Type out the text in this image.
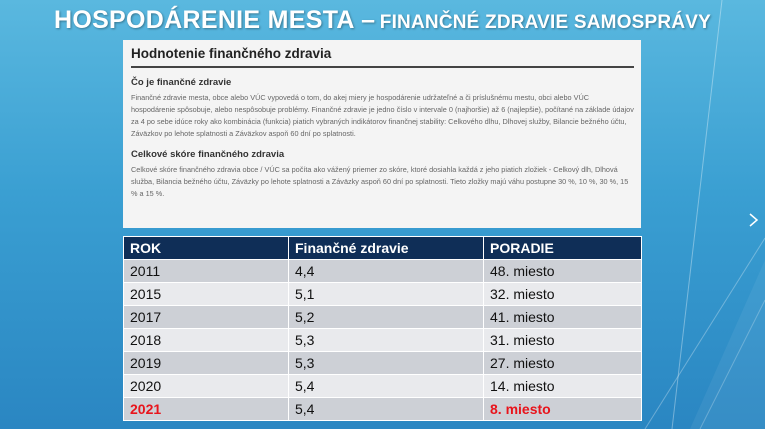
HOSPODÁRENIE MESTA – FINANČNÉ ZDRAVIE SAMOSPRÁVY
Hodnotenie finančného zdravia
Čo je finančné zdravie

Finančné zdravie mesta, obce alebo VÚC vypovedá o tom, do akej miery je hospodárenie udržateľné a či príslušnému mestu, obci alebo VÚC hospodárenie spôsobuje, alebo nespôsobuje problémy. Finančné zdravie je jedno číslo v intervale 0 (najhoršie) až 6 (najlepšie), počítané na základe údajov za 4 po sebe idúce roky ako kombinácia (funkcia) piatich vybraných indikátorov finančnej stability: Celkového dlhu, Dlhovej služby, Bilancie bežného účtu, Záväzkov po lehote splatnosti a Záväzkov aspoň 60 dní po splatnosti.

Celkové skóre finančného zdravia

Celkové skóre finančného zdravia obce / VÚC sa počíta ako vážený priemer zo skóre, ktoré dosiahla každá z jeho piatich zložiek - Celkový dlh, Dlhová služba, Bilancia bežného účtu, Záväzky po lehote splatnosti a Záväzky aspoň 60 dní po splatnosti. Tieto zložky majú váhu postupne 30 %, 10 %, 30 %, 15 % a 15 %.

ROK	Finančné zdravie	PORADIE
2011	4,4	48. miesto
2015	5,1	32. miesto
2017	5,2	41. miesto
2018	5,3	31. miesto
2019	5,3	27. miesto
2020	5,4	14. miesto
2021	5,4	8. miesto
